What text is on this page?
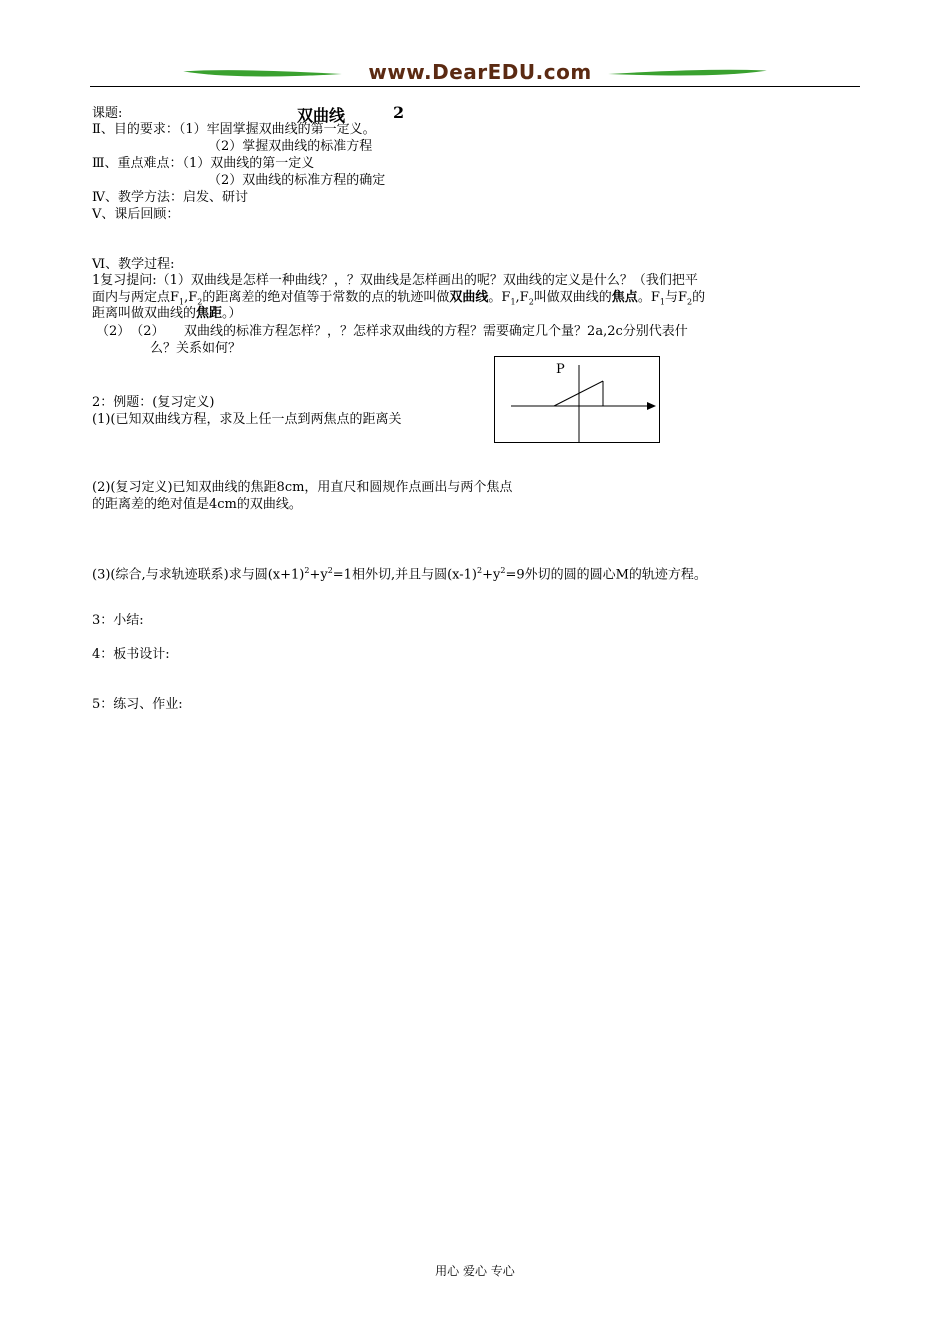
www.DearEDU.com
课题:	双曲线	2
Ⅱ、目的要求：（1）牢固掌握双曲线的第一定义。
（2）掌握双曲线的标准方程
Ⅲ、重点难点：（1）双曲线的第一定义
（2）双曲线的标准方程的确定
Ⅳ、教学方法：启发、研讨
Ⅴ、课后回顾：
Ⅵ、教学过程:
1复习提问:（1）双曲线是怎样一种曲线？，？双曲线是怎样画出的呢？双曲线的定义是什么？（我们把平
面内与两定点$F_1,F_2$的距离差的绝对值等于常数的点的轨迹叫做双曲线。$F_1,F_2$叫做双曲线的焦点。$F_1$与$F_2$的
距离叫做双曲线的焦距。）
（2）　（2）　　双曲线的标准方程怎样？，？怎样求双曲线的方程？需要确定几个量？2a,2c分别代表什
么？关系如何？
P
2：例题：(复习定义)
(1)(已知双曲线方程，求及上任一点到两焦点的距离关
(2)(复习定义)已知双曲线的焦距8cm，用直尺和圆规作点画出与两个焦点
的距离差的绝对值是4cm的双曲线。
(3)(综合,与求轨迹联系)求与圆$(x+1)^2+y^2=1$相外切,并且与圆$(x-1)^2+y^2=9$外切的圆的圆心M的轨迹方程。
3：小结:
4：板书设计:
5：练习、作业:
用心 爱心 专心
